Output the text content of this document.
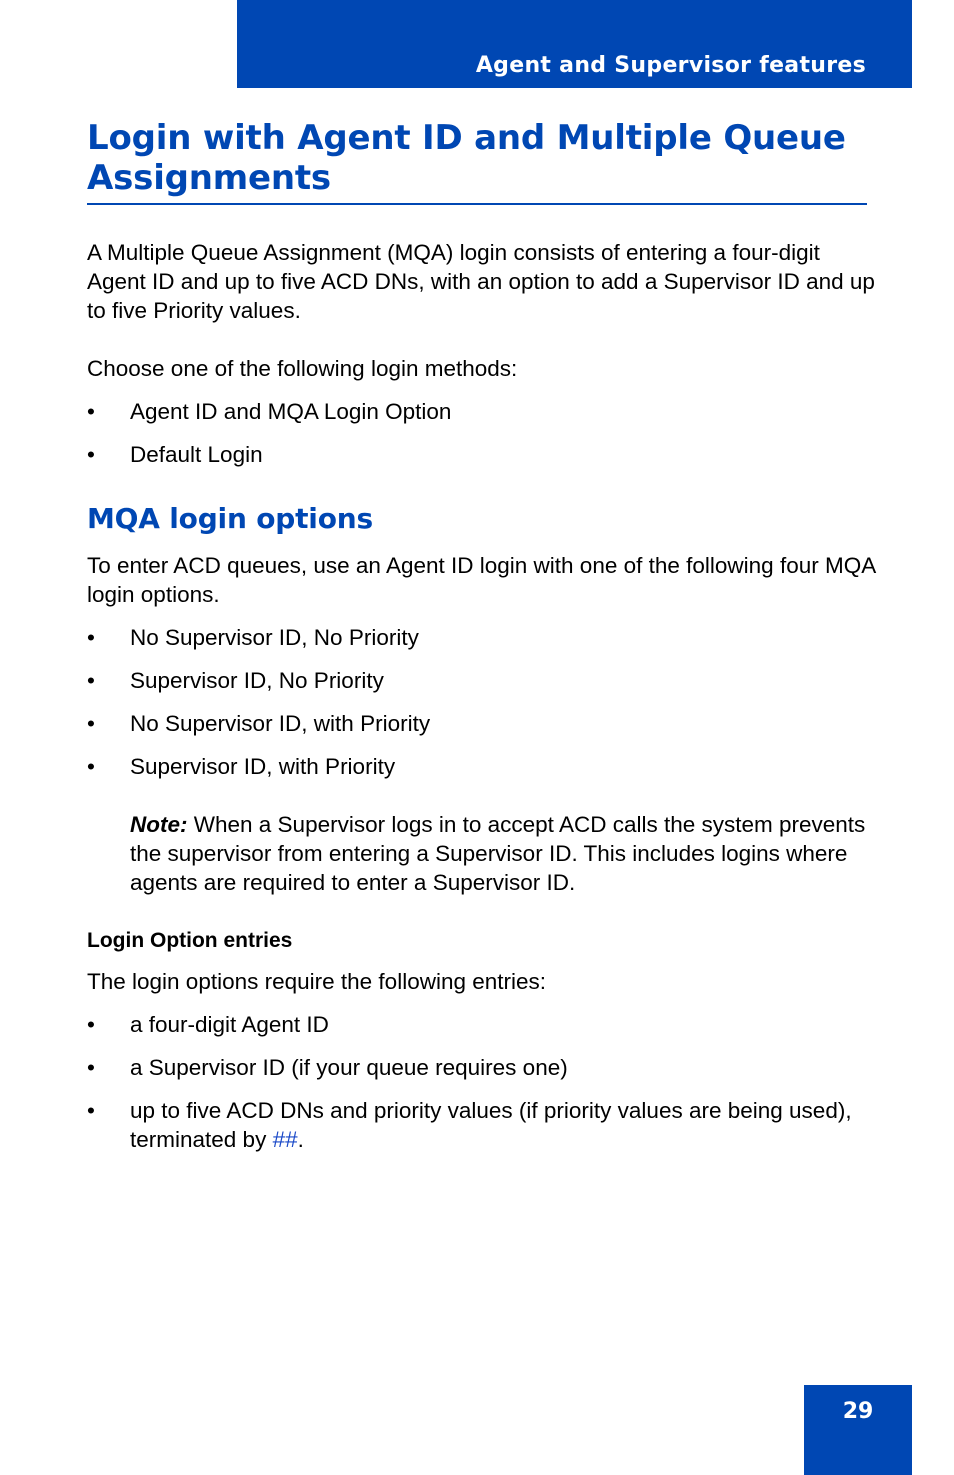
Agent and Supervisor features
Login with Agent ID and Multiple Queue Assignments

A Multiple Queue Assignment (MQA) login consists of entering a four-digit Agent ID and up to five ACD DNs, with an option to add a Supervisor ID and up to five Priority values.

Choose one of the following login methods:

• Agent ID and MQA Login Option
• Default Login
MQA login options

To enter ACD queues, use an Agent ID login with one of the following four MQA login options.

• No Supervisor ID, No Priority
• Supervisor ID, No Priority
• No Supervisor ID, with Priority
• Supervisor ID, with Priority

Note: When a Supervisor logs in to accept ACD calls the system prevents the supervisor from entering a Supervisor ID. This includes logins where agents are required to enter a Supervisor ID.

Login Option entries

The login options require the following entries:

• a four-digit Agent ID
• a Supervisor ID (if your queue requires one)
• up to five ACD DNs and priority values (if priority values are being used), terminated by ##.
29
